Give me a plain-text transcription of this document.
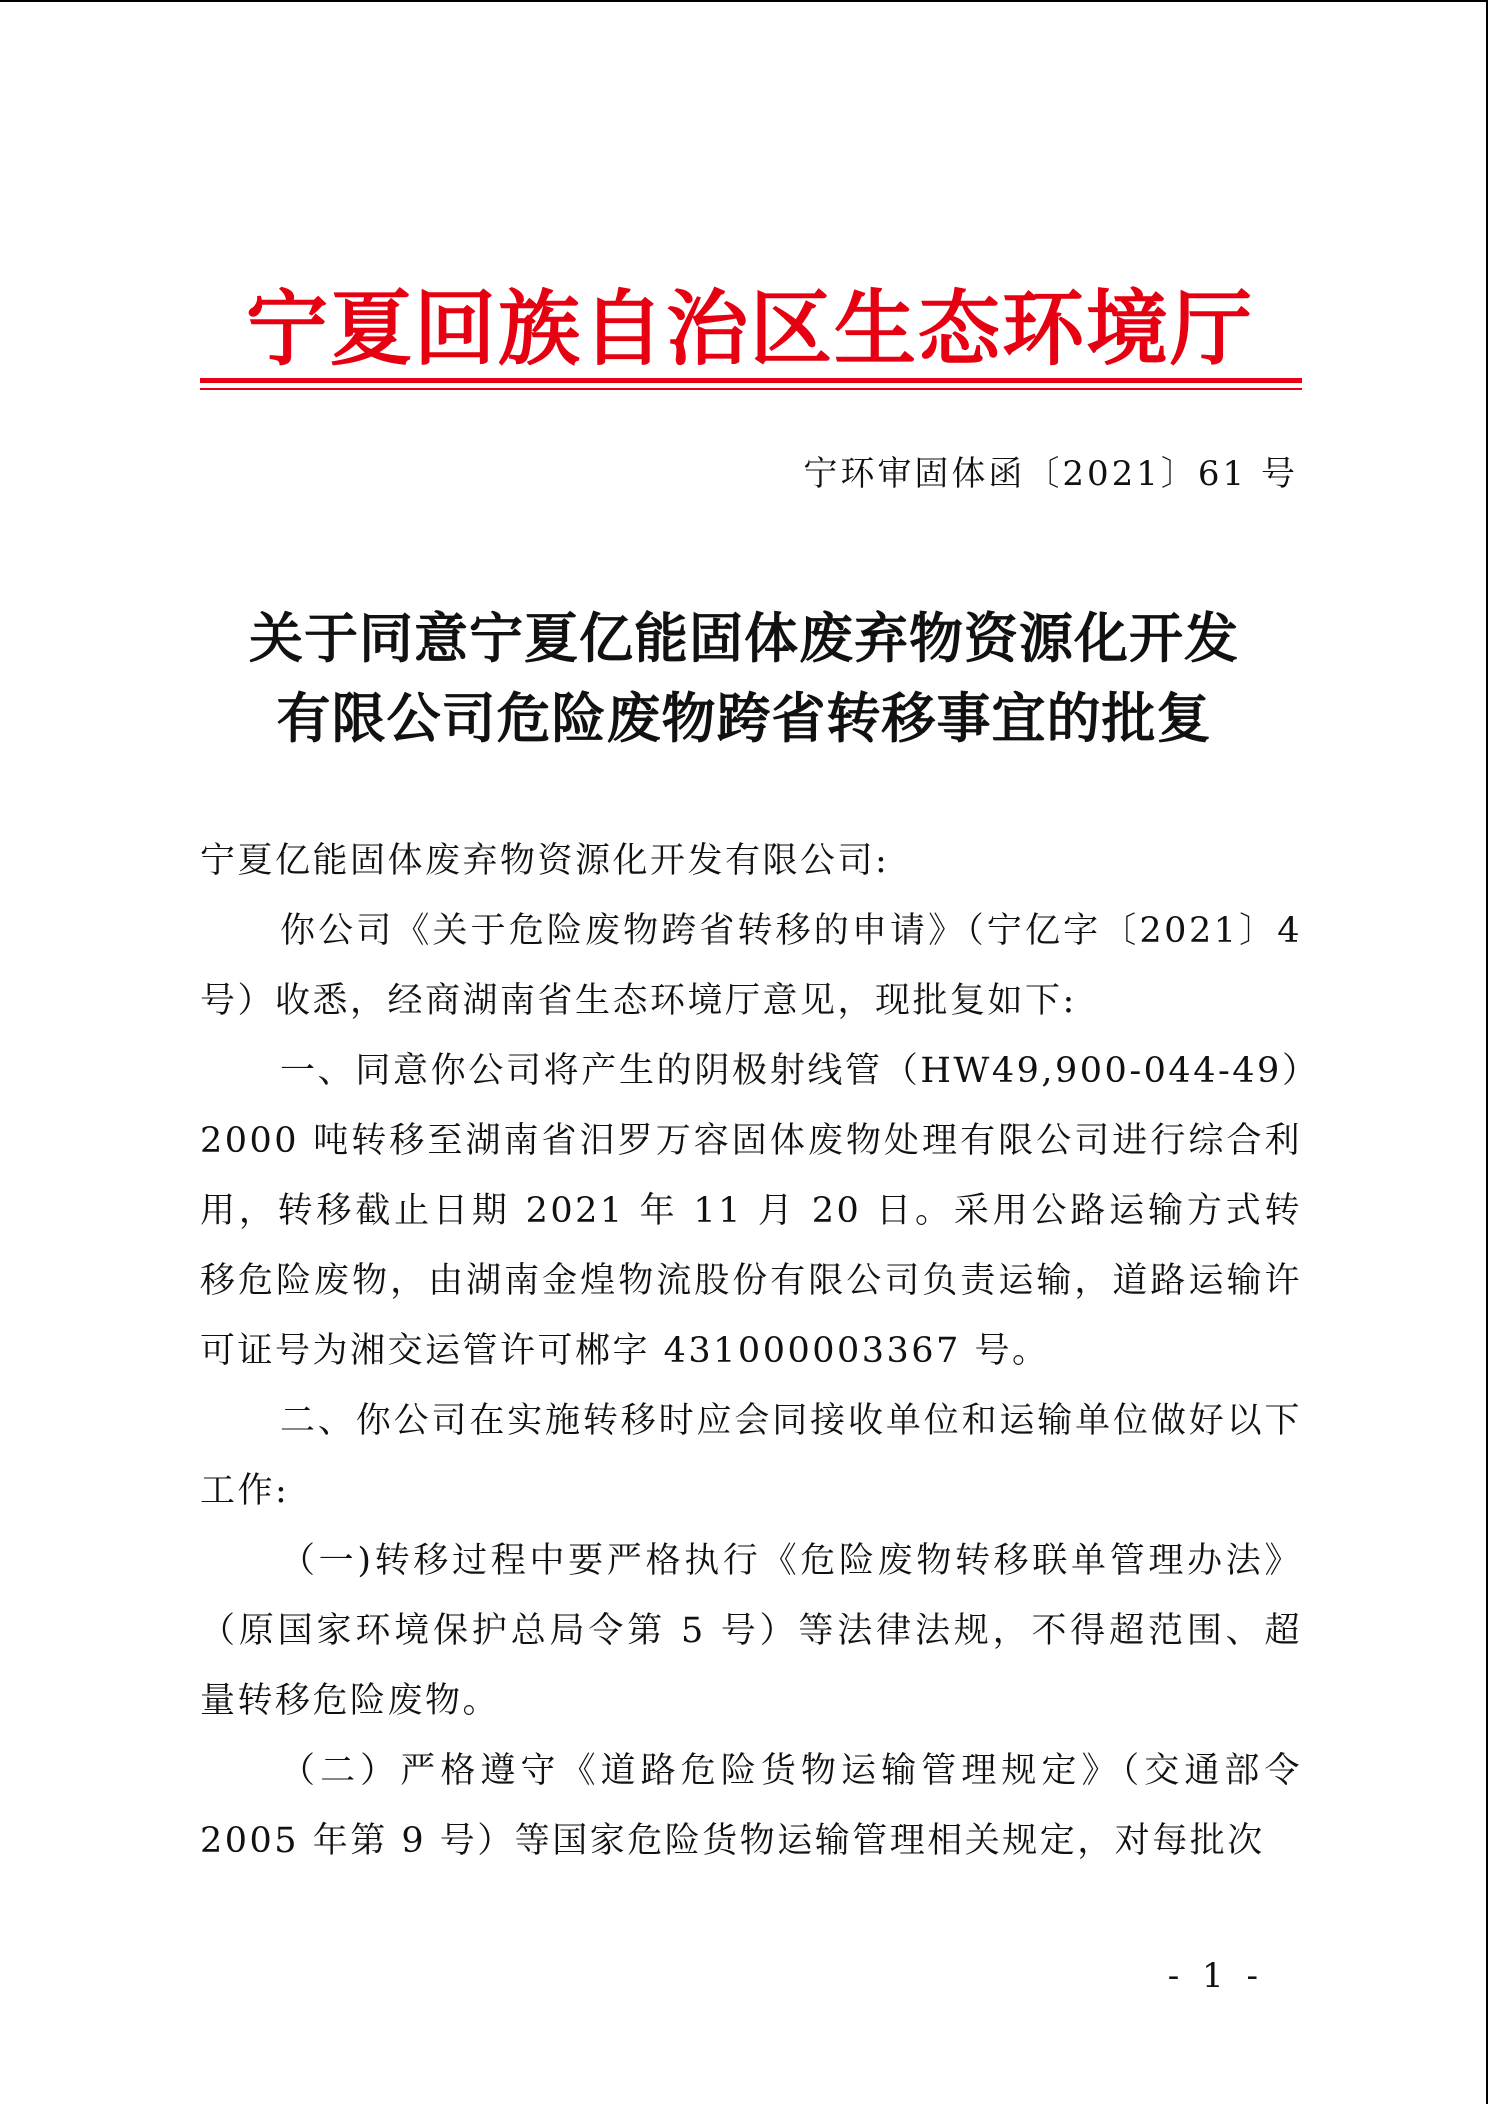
宁夏回族自治区生态环境厅
宁环审固体函〔2021〕61 号
关于同意宁夏亿能固体废弃物资源化开发
有限公司危险废物跨省转移事宜的批复

宁夏亿能固体废弃物资源化开发有限公司:

你公司《关于危险废物跨省转移的申请》（宁亿字〔2021〕4 号）收悉，经商湖南省生态环境厅意见，现批复如下:

一、同意你公司将产生的阴极射线管（HW49,900-044-49）2000 吨转移至湖南省汨罗万容固体废物处理有限公司进行综合利用，转移截止日期 2021 年 11 月 20 日。采用公路运输方式转移危险废物，由湖南金煌物流股份有限公司负责运输，道路运输许可证号为湘交运管许可郴字 431000003367 号。

二、你公司在实施转移时应会同接收单位和运输单位做好以下工作:

（一)转移过程中要严格执行《危险废物转移联单管理办法》（原国家环境保护总局令第 5 号）等法律法规，不得超范围、超量转移危险废物。

（二）严格遵守《道路危险货物运输管理规定》（交通部令 2005 年第 9 号）等国家危险货物运输管理相关规定，对每批次

- 1 -
